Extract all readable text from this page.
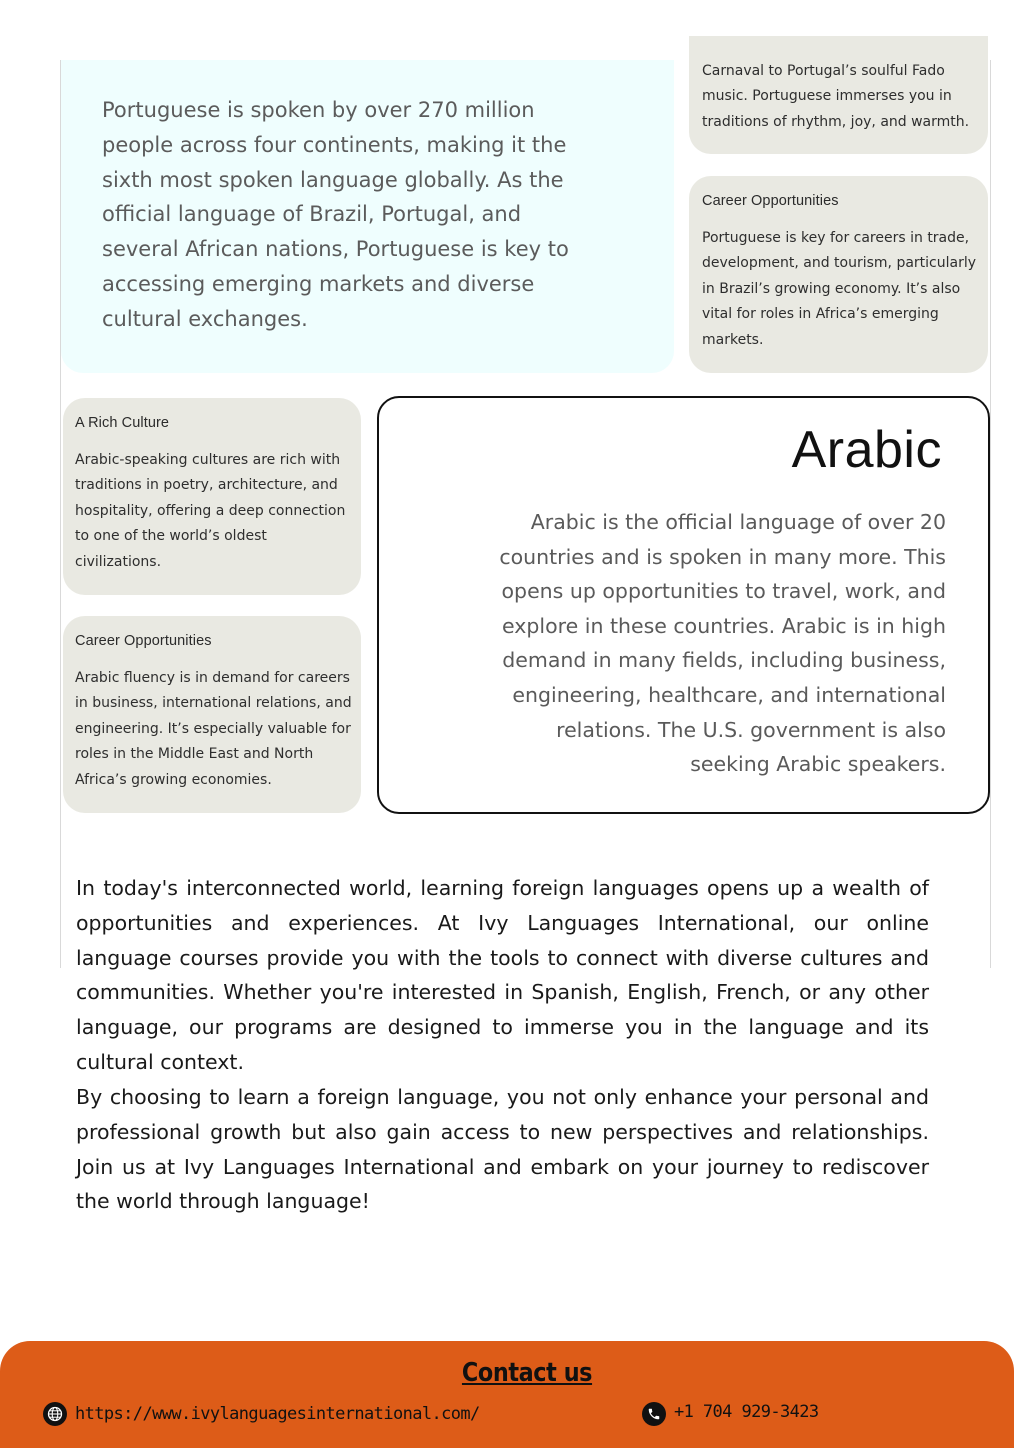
Portuguese is spoken by over 270 million people across four continents, making it the sixth most spoken language globally. As the official language of Brazil, Portugal, and several African nations, Portuguese is key to accessing emerging markets and diverse cultural exchanges.

Carnaval to Portugal’s soulful Fado music. Portuguese immerses you in traditions of rhythm, joy, and warmth.

Career Opportunities

Portuguese is key for careers in trade, development, and tourism, particularly in Brazil’s growing economy. It’s also vital for roles in Africa’s emerging markets.

A Rich Culture

Arabic-speaking cultures are rich with traditions in poetry, architecture, and hospitality, offering a deep connection to one of the world’s oldest civilizations.

Career Opportunities

Arabic fluency is in demand for careers in business, international relations, and engineering. It’s especially valuable for roles in the Middle East and North Africa’s growing economies.

Arabic

Arabic is the official language of over 20 countries and is spoken in many more. This opens up opportunities to travel, work, and explore in these countries. Arabic is in high demand in many fields, including business, engineering, healthcare, and international relations. The U.S. government is also seeking Arabic speakers.

In today's interconnected world, learning foreign languages opens up a wealth of opportunities and experiences. At Ivy Languages International, our online language courses provide you with the tools to connect with diverse cultures and communities. Whether you're interested in Spanish, English, French, or any other language, our programs are designed to immerse you in the language and its cultural context.

By choosing to learn a foreign language, you not only enhance your personal and professional growth but also gain access to new perspectives and relationships. Join us at Ivy Languages International and embark on your journey to rediscover the world through language!

Contact us

https://www.ivylanguagesinternational.com/	+1 704 929-3423
